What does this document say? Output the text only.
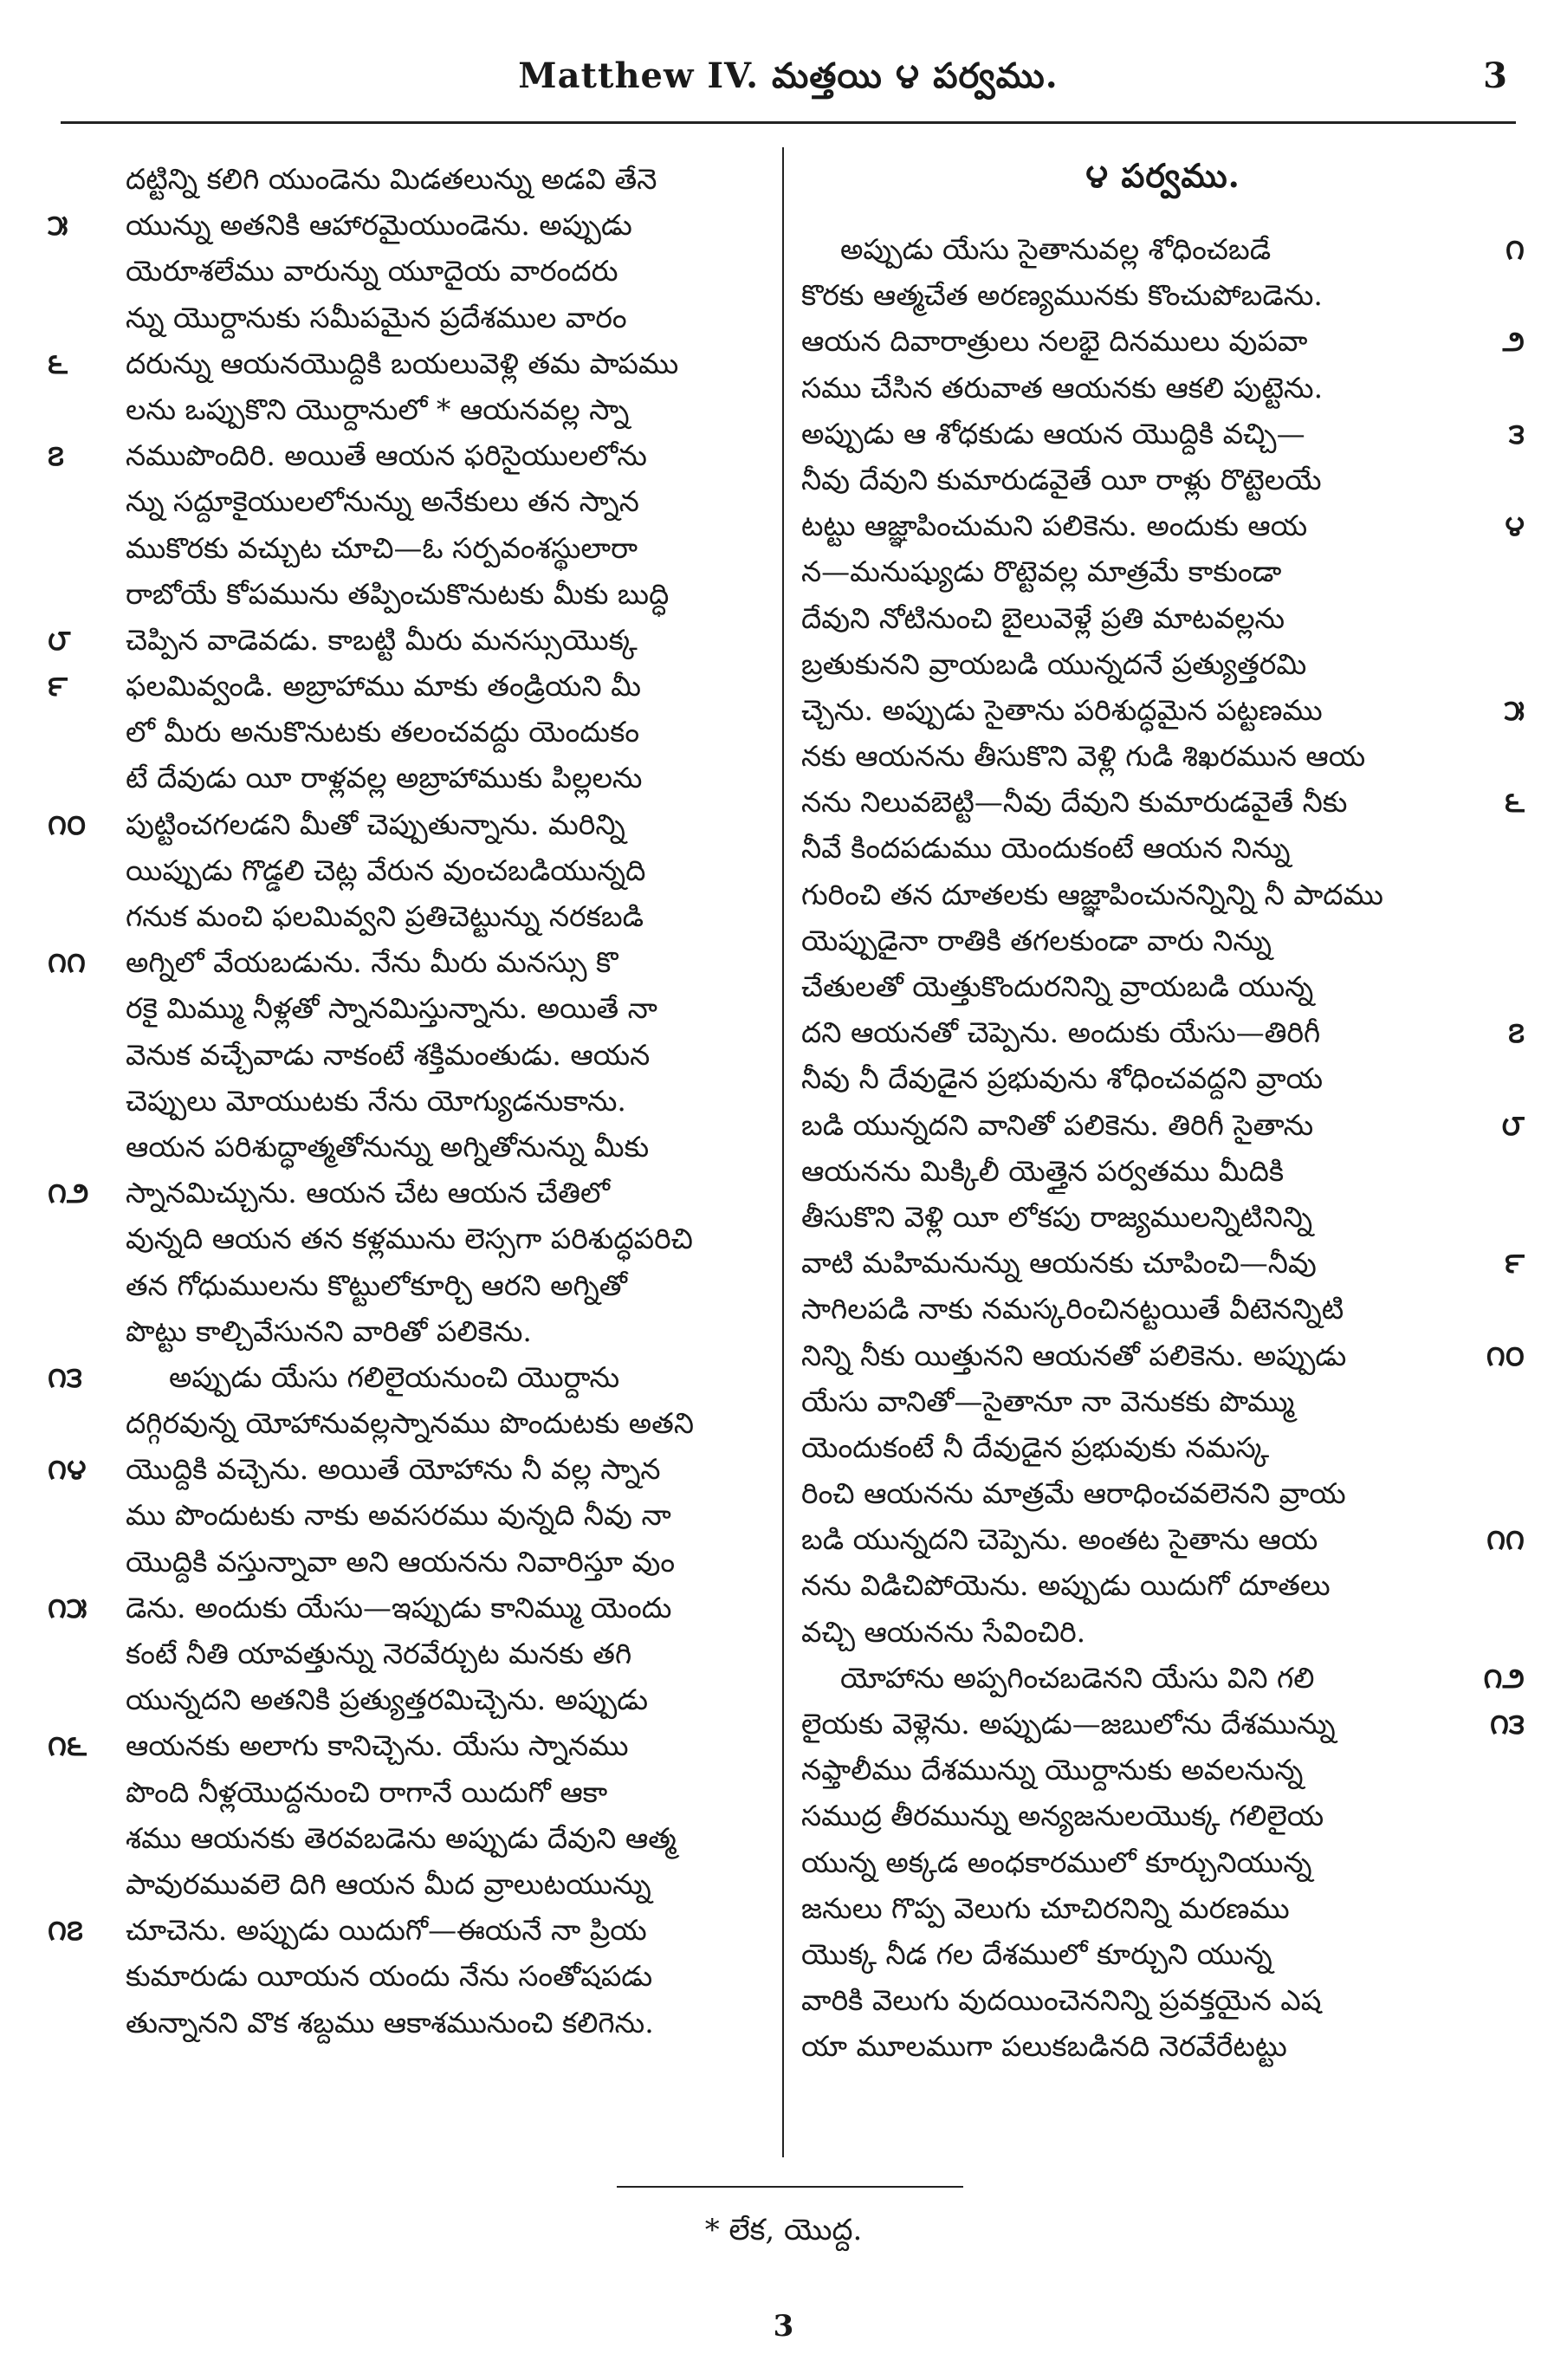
Matthew IV. మత్తయి ౪ పర్వము.	3
దట్టిన్ని కలిగి యుండెను మిడతలున్ను అడవి తేనె
౫	యున్ను అతనికి ఆహారమైయుండెను. అప్పుడు
యెరూశలేము వారున్ను యూదైయ వారందరు
న్ను యొర్దానుకు సమీపమైన ప్రదేశముల వారం
౬	దరున్ను ఆయనయొద్దికి బయలువెళ్లి తమ పాపము
లను ఒప్పుకొని యొర్దానులో * ఆయనవల్ల స్నా
౭	నముపొందిరి. అయితే ఆయన ఫరిసైయులలోను
న్ను సద్దూకైయులలోనున్ను అనేకులు తన స్నాన
ముకొరకు వచ్చుట చూచి—ఓ సర్పవంశస్థులారా
రాబోయే కోపమును తప్పించుకొనుటకు మీకు బుద్ధి
౮	చెప్పిన వాడెవడు. కాబట్టి మీరు మనస్సుయొక్క
౯	ఫలమివ్వండి. అబ్రాహాము మాకు తండ్రియని మీ
లో మీరు అనుకొనుటకు తలంచవద్దు యెందుకం
టే దేవుడు యీ రాళ్లవల్ల అబ్రాహాముకు పిల్లలను
౧౦	పుట్టించగలడని మీతో చెప్పుతున్నాను. మరిన్ని
యిప్పుడు గొడ్డలి చెట్ల వేరున వుంచబడియున్నది
గనుక మంచి ఫలమివ్వని ప్రతిచెట్టున్ను నరకబడి
౧౧	అగ్నిలో వేయబడును. నేను మీరు మనస్సు కొ
రకై మిమ్ము నీళ్లతో స్నానమిస్తున్నాను. అయితే నా
వెనుక వచ్చేవాడు నాకంటే శక్తిమంతుడు. ఆయన
చెప్పులు మోయుటకు నేను యోగ్యుడనుకాను.
ఆయన పరిశుద్ధాత్మతోనున్ను అగ్నితోనున్ను మీకు
౧౨	స్నానమిచ్చును. ఆయన చేట ఆయన చేతిలో
వున్నది ఆయన తన కళ్లమును లెస్సగా పరిశుద్ధపరిచి
తన గోధుములను కొట్టులోకూర్చి ఆరని అగ్నితో
పొట్టు కాల్చివేసునని వారితో పలికెను.
౧౩	అప్పుడు యేసు గలిలైయనుంచి యొర్దాను
దగ్గిరవున్న యోహానువల్లస్నానము పొందుటకు అతని
౧౪	యొద్దికి వచ్చెను. అయితే యోహాను నీ వల్ల స్నాన
ము పొందుటకు నాకు అవసరము వున్నది నీవు నా
యొద్దికి వస్తున్నావా అని ఆయనను నివారిస్తూ వుం
౧౫	డెను. అందుకు యేసు—ఇప్పుడు కానిమ్ము యెందు
కంటే నీతి యావత్తున్ను నెరవేర్చుట మనకు తగి
యున్నదని అతనికి ప్రత్యుత్తరమిచ్చెను. అప్పుడు
౧౬	ఆయనకు అలాగు కానిచ్చెను. యేసు స్నానము
పొంది నీళ్లయొద్దనుంచి రాగానే యిదుగో ఆకా
శము ఆయనకు తెరవబడెను అప్పుడు దేవుని ఆత్మ
పావురమువలె దిగి ఆయన మీద వ్రాలుటయున్ను
౧౭	చూచెను. అప్పుడు యిదుగో—ఈయనే నా ప్రియ
కుమారుడు యీయన యందు నేను సంతోషపడు
తున్నానని వొక శబ్దము ఆకాశమునుంచి కలిగెను.
౪ పర్వము.
౧
అప్పుడు యేసు సైతానువల్ల శోధించబడే
కొరకు ఆత్మచేత అరణ్యమునకు కొంచుపోబడెను.
౨
ఆయన దివారాత్రులు నలభై దినములు వుపవా
సము చేసిన తరువాత ఆయనకు ఆకలి పుట్టెను.
౩
అప్పుడు ఆ శోధకుడు ఆయన యొద్దికి వచ్చి—
నీవు దేవుని కుమారుడవైతే యీ రాళ్లు రొట్టెలయే
౪
టట్టు ఆజ్ఞాపించుమని పలికెను. అందుకు ఆయ
న—మనుష్యుడు రొట్టెవల్ల మాత్రమే కాకుండా
దేవుని నోటినుంచి బైలువెళ్లే ప్రతి మాటవల్లను
బ్రతుకునని వ్రాయబడి యున్నదనే ప్రత్యుత్తరమి
౫
చ్చెను. అప్పుడు సైతాను పరిశుద్ధమైన పట్టణము
నకు ఆయనను తీసుకొని వెళ్లి గుడి శిఖరమున ఆయ
౬
నను నిలువబెట్టి—నీవు దేవుని కుమారుడవైతే నీకు
నీవే కిందపడుము యెందుకంటే ఆయన నిన్ను
గురించి తన దూతలకు ఆజ్ఞాపించునన్నిన్ని నీ పాదము
యెప్పుడైనా రాతికి తగలకుండా వారు నిన్ను
చేతులతో యెత్తుకొందురనిన్ని వ్రాయబడి యున్న
౭
దని ఆయనతో చెప్పెను. అందుకు యేసు—తిరిగీ
నీవు నీ దేవుడైన ప్రభువును శోధించవద్దని వ్రాయ
౮
బడి యున్నదని వానితో పలికెను. తిరిగీ సైతాను
ఆయనను మిక్కిలీ యెత్తైన పర్వతము మీదికి
తీసుకొని వెళ్లి యీ లోకపు రాజ్యములన్నిటినిన్ని
౯
వాటి మహిమనున్ను ఆయనకు చూపించి—నీవు
సాగిలపడి నాకు నమస్కరించినట్టయితే వీటెనన్నిటి
౧౦
నిన్ని నీకు యిత్తునని ఆయనతో పలికెను. అప్పుడు
యేసు వానితో—సైతానూ నా వెనుకకు పొమ్ము
యెందుకంటే నీ దేవుడైన ప్రభువుకు నమస్క
రించి ఆయనను మాత్రమే ఆరాధించవలెనని వ్రాయ
౧౧
బడి యున్నదని చెప్పెను. అంతట సైతాను ఆయ
నను విడిచిపోయెను. అప్పుడు యిదుగో దూతలు
వచ్చి ఆయనను సేవించిరి.
౧౨
యోహాను అప్పగించబడెనని యేసు విని గలి
౧౩
లైయకు వెళ్లెను. అప్పుడు—జబులోను దేశమున్ను
నఫ్తాలీము దేశమున్ను యొర్దానుకు అవలనున్న
సముద్ర తీరమున్ను అన్యజనులయొక్క గలిలైయ
యున్న అక్కడ అంధకారములో కూర్చునియున్న
జనులు గొప్ప వెలుగు చూచిరనిన్ని మరణము
యొక్క నీడ గల దేశములో కూర్చుని యున్న
వారికి వెలుగు వుదయించెననిన్ని ప్రవక్తయైన ఎష
యా మూలముగా పలుకబడినది నెరవేరేటట్టు
* లేక, యొద్ద.
3
